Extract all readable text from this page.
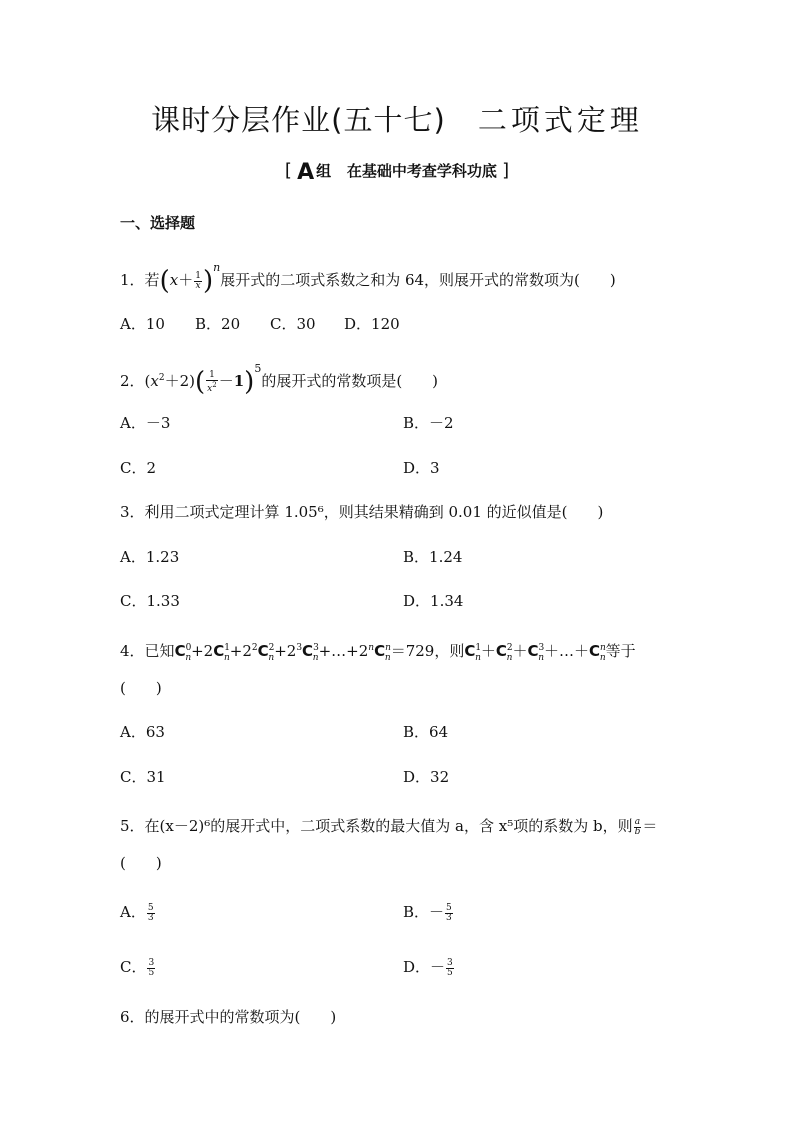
课时分层作业(五十七) 二项式定理
[ A 组 在基础中考查学科功底 ]
一、选择题
1．若$(x+ \frac{1}{x} )^n$展开式的二项式系数之和为 64，则展开式的常数项为(　　)
A．10 B．20 C．30 D．120
2．$(x^2+2)( \frac{1}{x^2} -1)^5$的展开式的常数项是(　　)
A．－3	B．－2
C．2	D．3
3．利用二项式定理计算 1.05⁶，则其结果精确到 0.01 的近似值是(　　)
A．1.23	B．1.24
C．1.33	D．1.34
4．已知$C^0_n+2C^1_n+2^2C^2_n+2^3C^3_n+\dots+2^nC^n_n=729$，则$C^1_n+C^2_n+C^3_n+\dots+C^n_n$等于
(　　)
A．63	B．64
C．31	D．32
5．在(x－2)⁶的展开式中，二项式系数的最大值为 a，含 x⁵项的系数为 b，则 $\frac{a}{b}$ ＝
(　　)
A． $\frac{5}{3}$	B．－ $\frac{5}{3}$
C． $\frac{3}{5}$	D．－ $\frac{3}{5}$
6．的展开式中的常数项为(　　)
